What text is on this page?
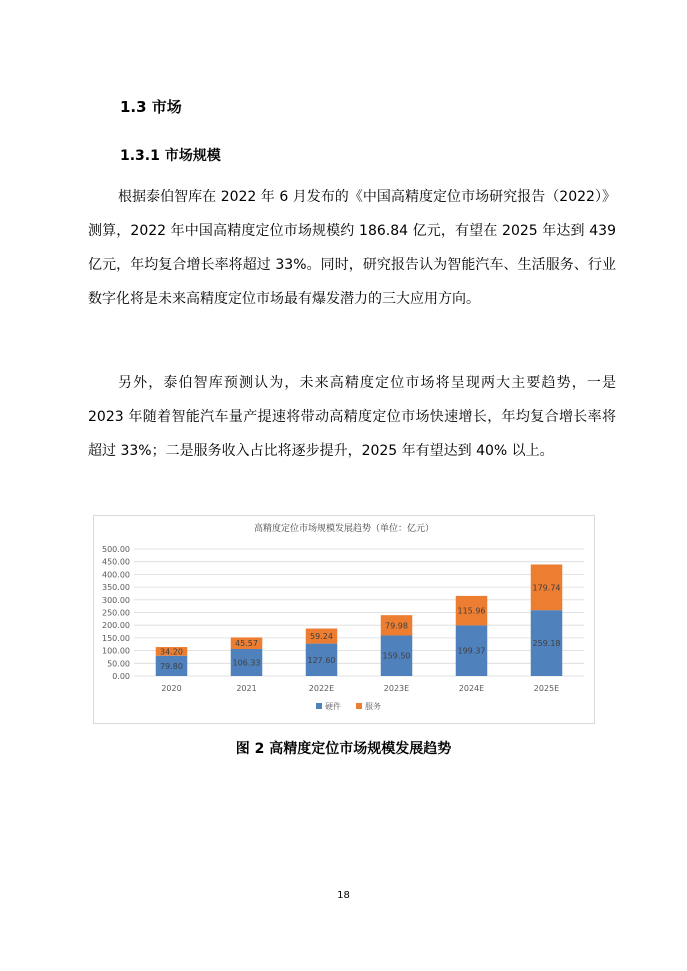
1.3 市场
1.3.1 市场规模

根据泰伯智库在 2022 年 6 月发布的《中国高精度定位市场研究报告（2022）》测算，2022 年中国高精度定位市场规模约 186.84 亿元，有望在 2025 年达到 439 亿元，年均复合增长率将超过 33%。同时，研究报告认为智能汽车、生活服务、行业数字化将是未来高精度定位市场最有爆发潜力的三大应用方向。

另外，泰伯智库预测认为，未来高精度定位市场将呈现两大主要趋势，一是 2023 年随着智能汽车量产提速将带动高精度定位市场快速增长，年均复合增长率将超过 33%；二是服务收入占比将逐步提升，2025 年有望达到 40% 以上。

高精度定位市场规模发展趋势（单位：亿元）
0.00
50.00
100.00
150.00
200.00
250.00
300.00
350.00
400.00
450.00
500.00
79.80
34.20
2020
106.33
45.57
2021
127.60
59.24
2022E
159.50
79.98
2023E
199.37
115.96
2024E
259.18
179.74
2025E
硬件	服务

图 2 高精度定位市场规模发展趋势

18
